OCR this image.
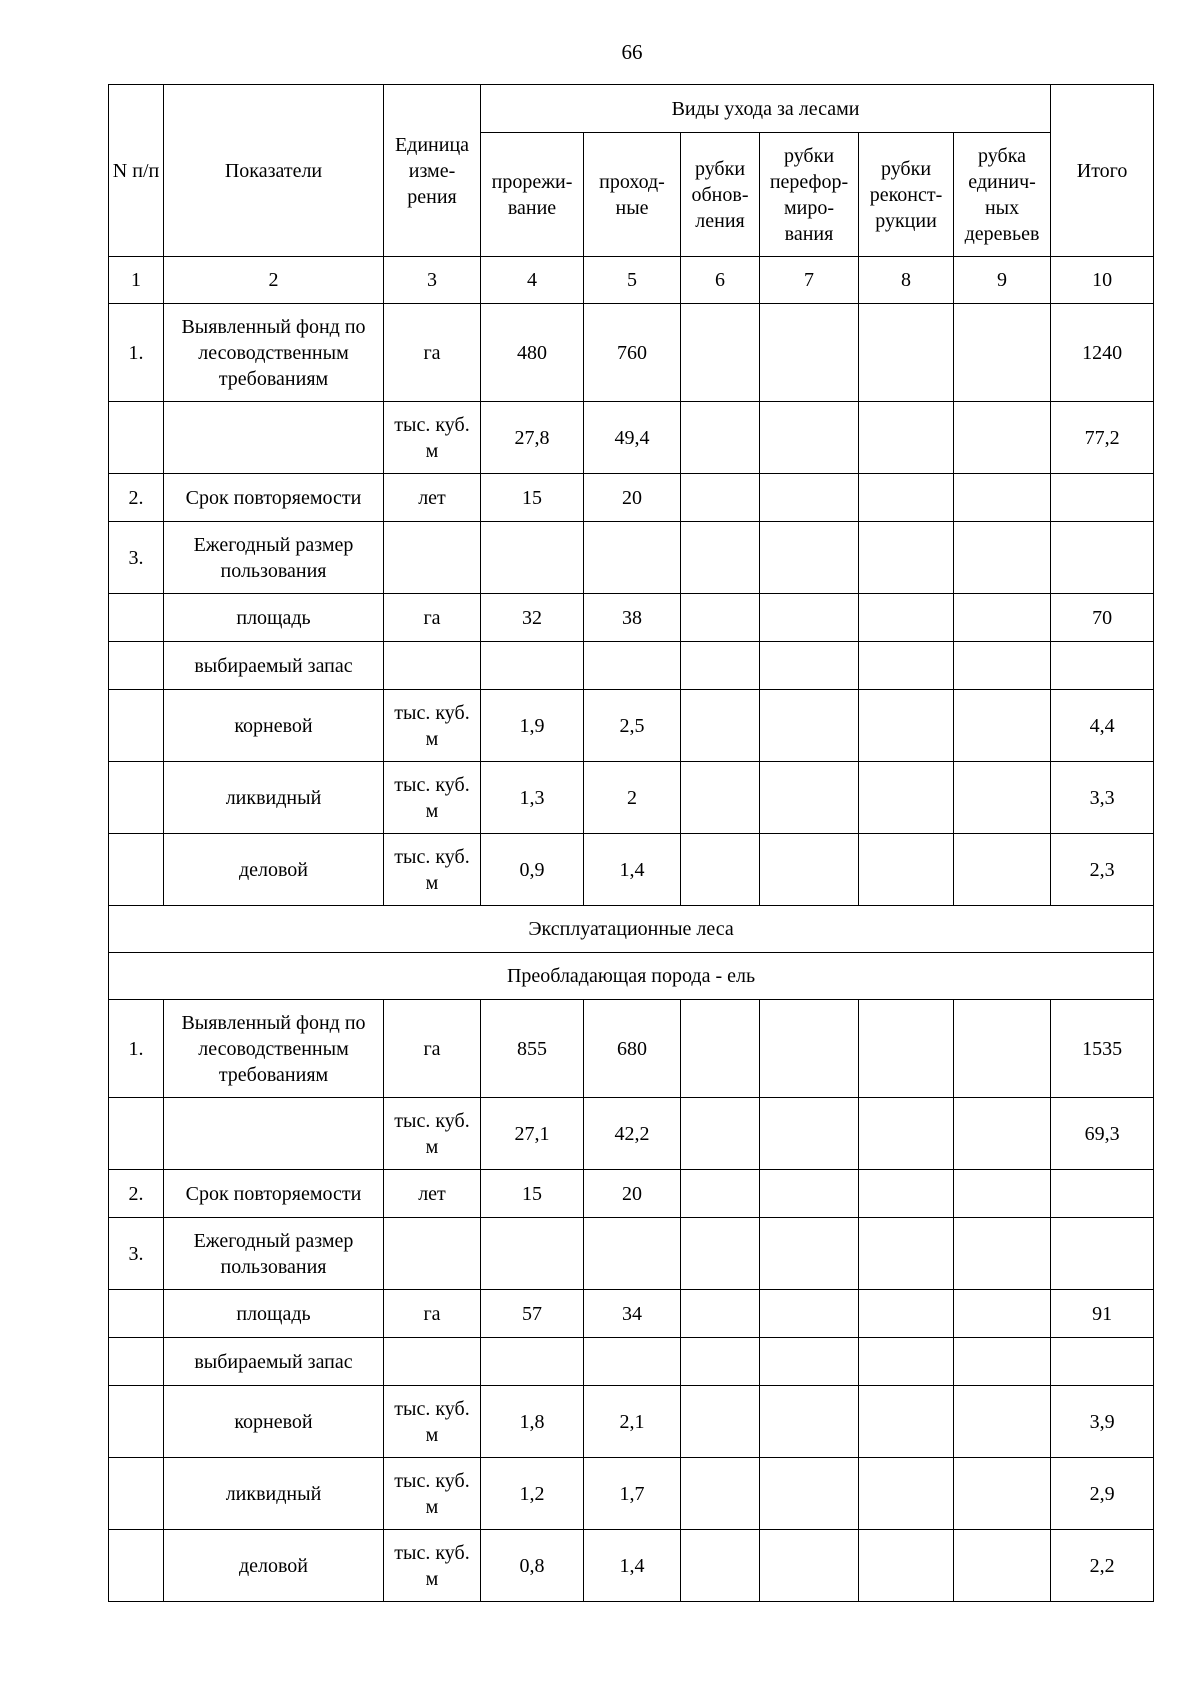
66
N п/п	Показатели	Единица изме-рения	Виды ухода за лесами						Итого
			прорежи-вание	проход-ные	рубки обнов-ления	рубки перефор-миро-вания	рубки реконст-рукции	рубка единич-ных деревьев	
1	2	3	4	5	6	7	8	9	10
1.	Выявленный фонд по лесоводственным требованиям	га	480	760					1240
		тыс. куб. м	27,8	49,4					77,2
2.	Срок повторяемости	лет	15	20					
3.	Ежегодный размер пользования								
	площадь	га	32	38					70
	выбираемый запас								
	корневой	тыс. куб. м	1,9	2,5					4,4
	ликвидный	тыс. куб. м	1,3	2					3,3
	деловой	тыс. куб. м	0,9	1,4					2,3
Эксплуатационные леса									
Преобладающая порода - ель									
1.	Выявленный фонд по лесоводственным требованиям	га	855	680					1535
		тыс. куб. м	27,1	42,2					69,3
2.	Срок повторяемости	лет	15	20					
3.	Ежегодный размер пользования								
	площадь	га	57	34					91
	выбираемый запас								
	корневой	тыс. куб. м	1,8	2,1					3,9
	ликвидный	тыс. куб. м	1,2	1,7					2,9
	деловой	тыс. куб. м	0,8	1,4					2,2
